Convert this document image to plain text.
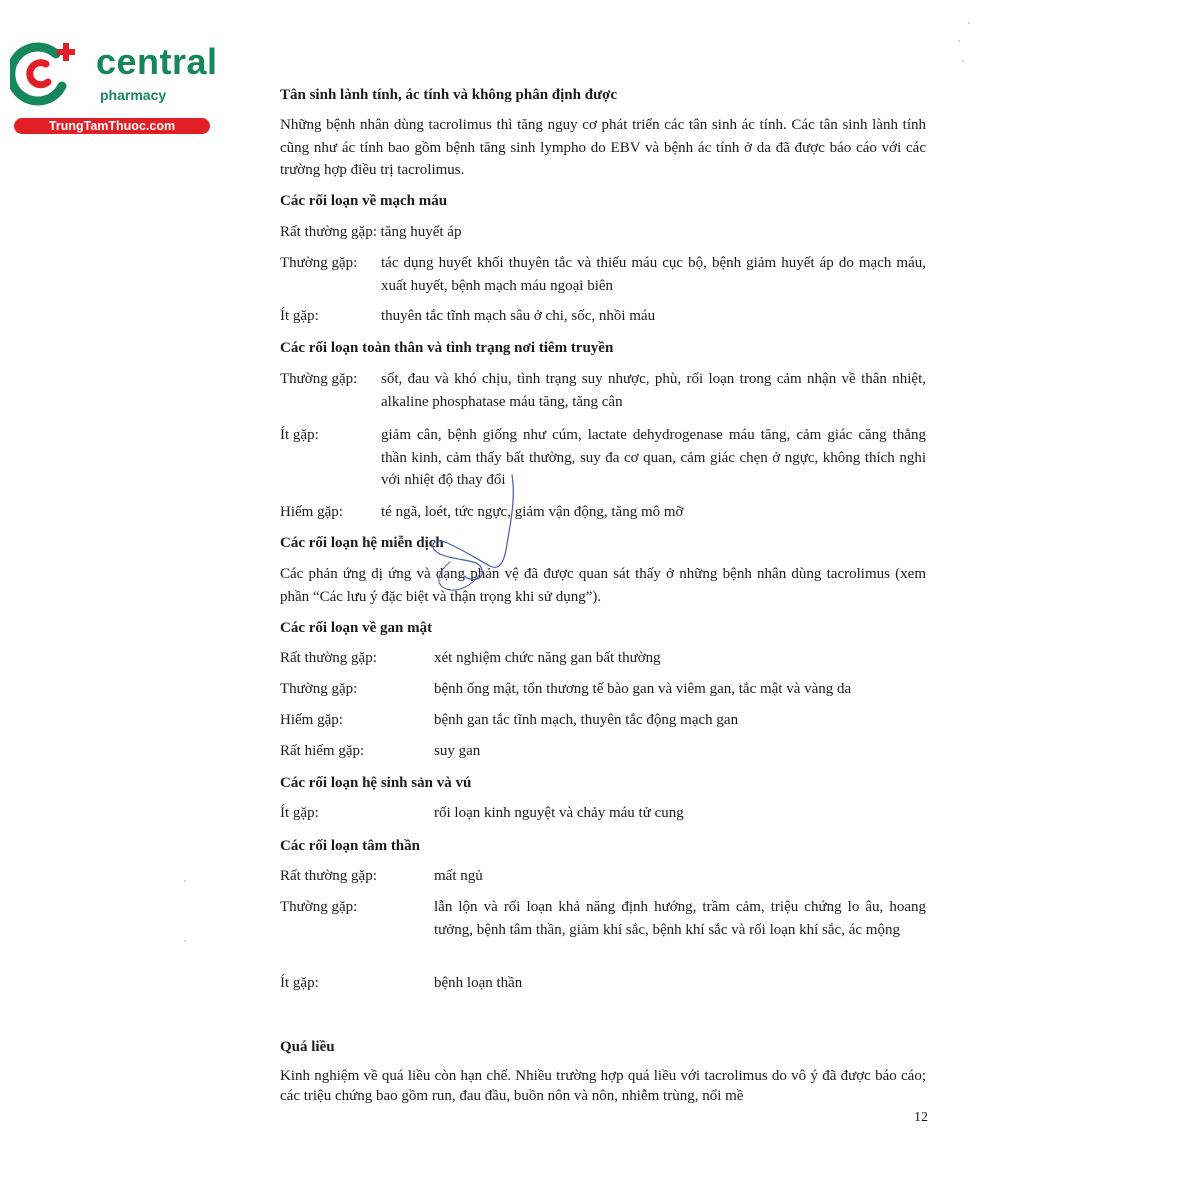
central
pharmacy
TrungTamThuoc.com
Tân sinh lành tính, ác tính và không phân định được
Những bệnh nhân dùng tacrolimus thì tăng nguy cơ phát triển các tân sinh ác tính. Các tân sinh lành tính cũng như ác tính bao gồm bệnh tăng sinh lympho do EBV và bệnh ác tính ở da đã được báo cáo với các trường hợp điều trị tacrolimus.
Các rối loạn về mạch máu
Rất thường gặp: tăng huyết áp
Thường gặp:	tác dụng huyết khối thuyên tắc và thiếu máu cục bộ, bệnh giảm huyết áp do mạch máu, xuất huyết, bệnh mạch máu ngoại biên
Ít gặp:	thuyên tắc tĩnh mạch sâu ở chi, sốc, nhồi máu
Các rối loạn toàn thân và tình trạng nơi tiêm truyền
Thường gặp:	sốt, đau và khó chịu, tình trạng suy nhược, phù, rối loạn trong cảm nhận về thân nhiệt, alkaline phosphatase máu tăng, tăng cân
Ít gặp:	giảm cân, bệnh giống như cúm, lactate dehydrogenase máu tăng, cảm giác căng thẳng thần kinh, cảm thấy bất thường, suy đa cơ quan, cảm giác chẹn ở ngực, không thích nghi với nhiệt độ thay đổi
Hiếm gặp:	té ngã, loét, tức ngực, giảm vận động, tăng mô mỡ
Các rối loạn hệ miễn dịch
Các phản ứng dị ứng và dạng phản vệ đã được quan sát thấy ở những bệnh nhân dùng tacrolimus (xem phần “Các lưu ý đặc biệt và thận trọng khi sử dụng”).
Các rối loạn về gan mật
Rất thường gặp:	xét nghiệm chức năng gan bất thường
Thường gặp:	bệnh ống mật, tổn thương tế bào gan và viêm gan, tắc mật và vàng da
Hiếm gặp:	bệnh gan tắc tĩnh mạch, thuyên tắc động mạch gan
Rất hiếm gặp:	suy gan
Các rối loạn hệ sinh sản và vú
Ít gặp:	rối loạn kinh nguyệt và chảy máu tử cung
Các rối loạn tâm thần
Rất thường gặp:	mất ngủ
Thường gặp:	lẫn lộn và rối loạn khả năng định hướng, trầm cảm, triệu chứng lo âu, hoang tưởng, bệnh tâm thần, giảm khí sắc, bệnh khí sắc và rối loạn khí sắc, ác mộng
Ít gặp:	bệnh loạn thần
Quá liều
Kinh nghiệm về quá liều còn hạn chế. Nhiều trường hợp quá liều với tacrolimus do vô ý đã được báo cáo; các triệu chứng bao gồm run, đau đầu, buồn nôn và nôn, nhiễm trùng, nổi mề
12
